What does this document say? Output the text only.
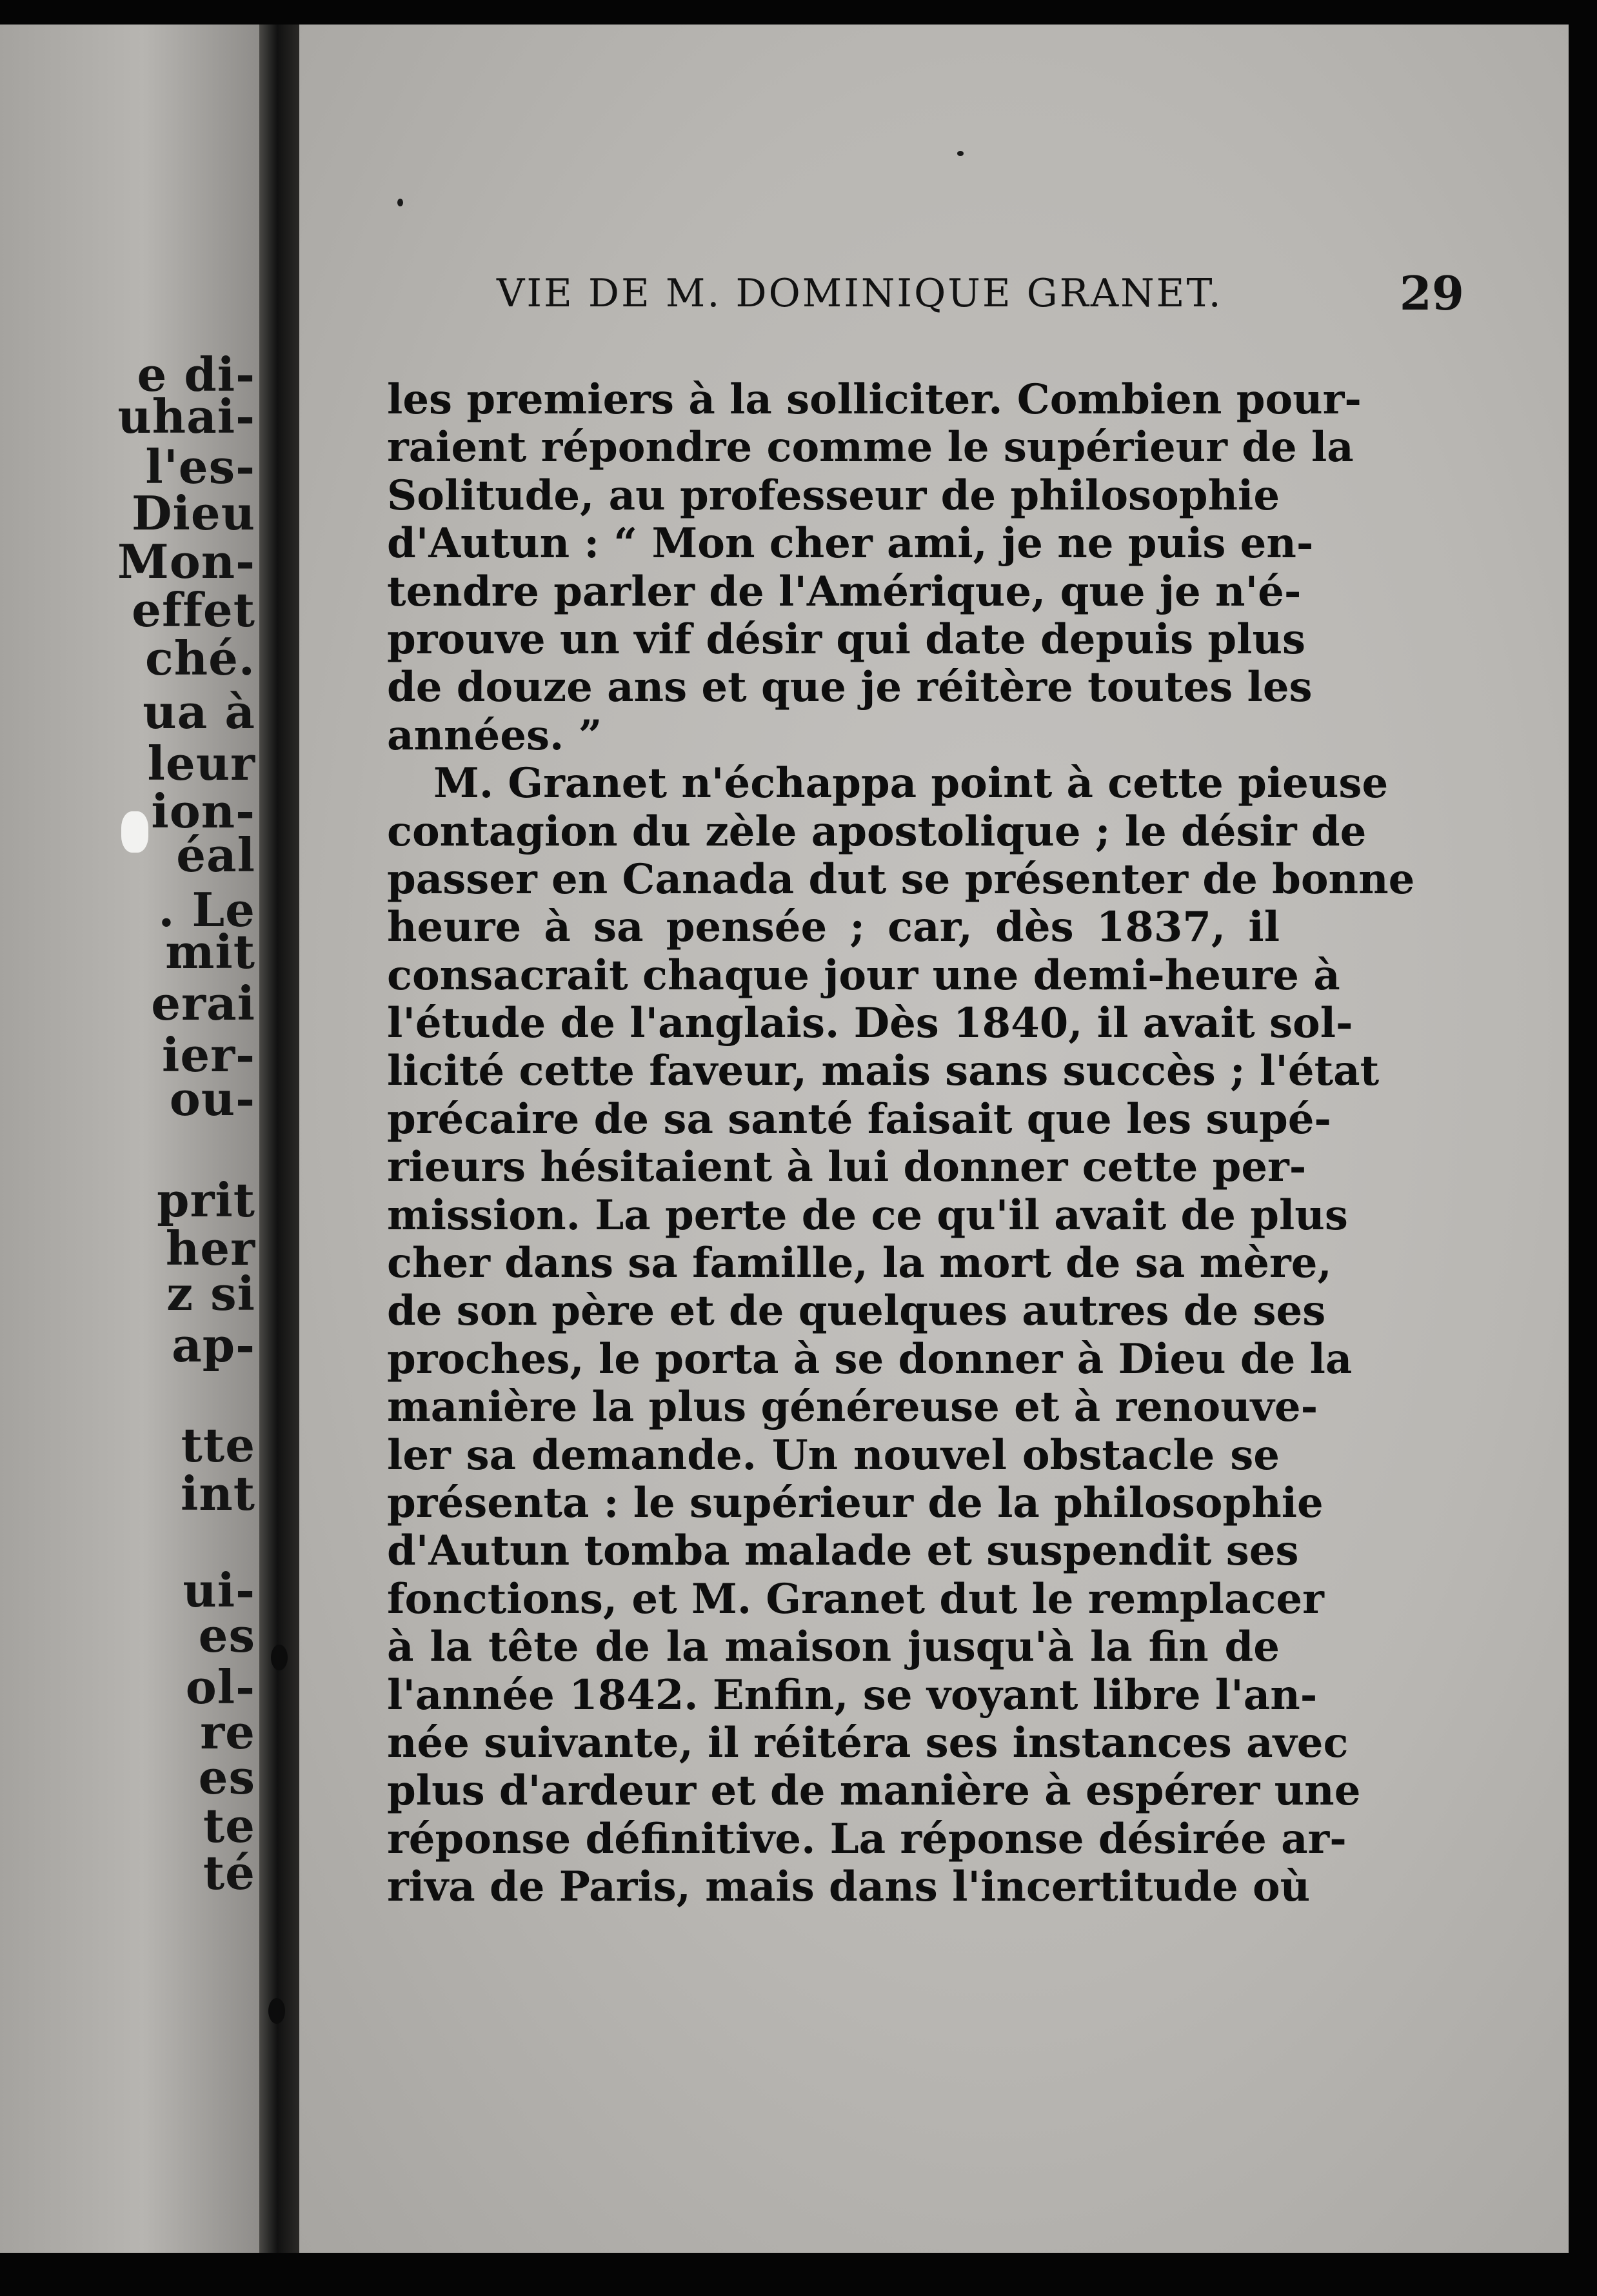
e di-
uhai-
l'es-
Dieu
Mon-
effet
ché.
ua à
leur
ion-
éal
. Le
mit
erai
ier-
ou-
prit
her
z si
ap-
tte
int
ui-
es
ol-
re
es
te
té
VIE DE M. DOMINIQUE GRANET.	29
les premiers à la solliciter. Combien pour-
raient répondre comme le supérieur de la
Solitude, au professeur de philosophie
d'Autun : “ Mon cher ami, je ne puis en-
tendre parler de l'Amérique, que je n'é-
prouve un vif désir qui date depuis plus
de douze ans et que je réitère toutes les
années. ”
M. Granet n'échappa point à cette pieuse
contagion du zèle apostolique ; le désir de
passer en Canada dut se présenter de bonne
heure à sa pensée ; car, dès 1837, il
consacrait chaque jour une demi-heure à
l'étude de l'anglais. Dès 1840, il avait sol-
licité cette faveur, mais sans succès ; l'état
précaire de sa santé faisait que les supé-
rieurs hésitaient à lui donner cette per-
mission. La perte de ce qu'il avait de plus
cher dans sa famille, la mort de sa mère,
de son père et de quelques autres de ses
proches, le porta à se donner à Dieu de la
manière la plus généreuse et à renouve-
ler sa demande. Un nouvel obstacle se
présenta : le supérieur de la philosophie
d'Autun tomba malade et suspendit ses
fonctions, et M. Granet dut le remplacer
à la tête de la maison jusqu'à la fin de
l'année 1842. Enfin, se voyant libre l'an-
née suivante, il réitéra ses instances avec
plus d'ardeur et de manière à espérer une
réponse définitive. La réponse désirée ar-
riva de Paris, mais dans l'incertitude où
